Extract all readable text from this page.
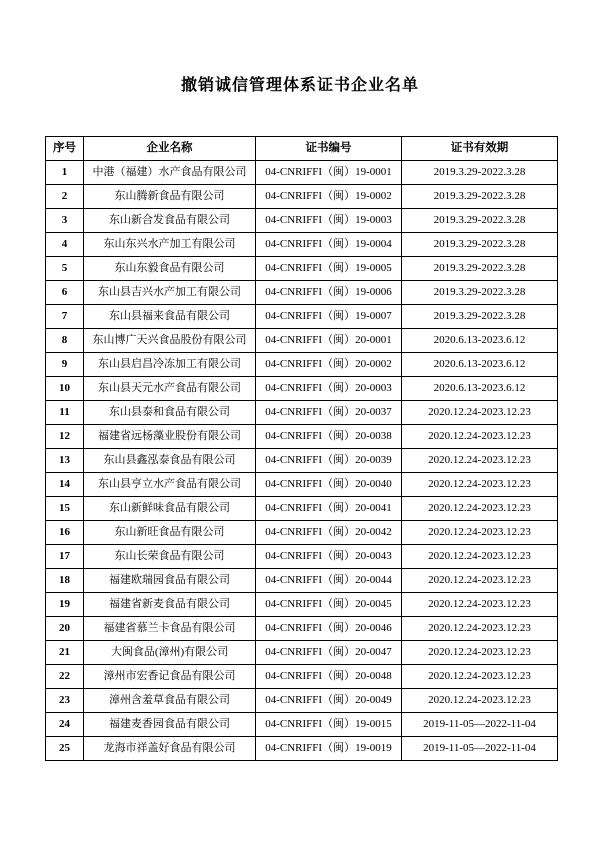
撤销诚信管理体系证书企业名单
序号	企业名称	证书编号	证书有效期
1	中港（福建）水产食品有限公司	04-CNRIFFI（闽）19-0001	2019.3.29-2022.3.28
2	东山腾新食品有限公司	04-CNRIFFI（闽）19-0002	2019.3.29-2022.3.28
3	东山新合发食品有限公司	04-CNRIFFI（闽）19-0003	2019.3.29-2022.3.28
4	东山东兴水产加工有限公司	04-CNRIFFI（闽）19-0004	2019.3.29-2022.3.28
5	东山东毅食品有限公司	04-CNRIFFI（闽）19-0005	2019.3.29-2022.3.28
6	东山县吉兴水产加工有限公司	04-CNRIFFI（闽）19-0006	2019.3.29-2022.3.28
7	东山县福来食品有限公司	04-CNRIFFI（闽）19-0007	2019.3.29-2022.3.28
8	东山博广天兴食品股份有限公司	04-CNRIFFI（闽）20-0001	2020.6.13-2023.6.12
9	东山县启昌冷冻加工有限公司	04-CNRIFFI（闽）20-0002	2020.6.13-2023.6.12
10	东山县天元水产食品有限公司	04-CNRIFFI（闽）20-0003	2020.6.13-2023.6.12
11	东山县泰和食品有限公司	04-CNRIFFI（闽）20-0037	2020.12.24-2023.12.23
12	福建省远杨藻业股份有限公司	04-CNRIFFI（闽）20-0038	2020.12.24-2023.12.23
13	东山县鑫泓泰食品有限公司	04-CNRIFFI（闽）20-0039	2020.12.24-2023.12.23
14	东山县亨立水产食品有限公司	04-CNRIFFI（闽）20-0040	2020.12.24-2023.12.23
15	东山新鲜味食品有限公司	04-CNRIFFI（闽）20-0041	2020.12.24-2023.12.23
16	东山新旺食品有限公司	04-CNRIFFI（闽）20-0042	2020.12.24-2023.12.23
17	东山长荣食品有限公司	04-CNRIFFI（闽）20-0043	2020.12.24-2023.12.23
18	福建欧瑞园食品有限公司	04-CNRIFFI（闽）20-0044	2020.12.24-2023.12.23
19	福建省新麦食品有限公司	04-CNRIFFI（闽）20-0045	2020.12.24-2023.12.23
20	福建省慕兰卡食品有限公司	04-CNRIFFI（闽）20-0046	2020.12.24-2023.12.23
21	大闽食品(漳州)有限公司	04-CNRIFFI（闽）20-0047	2020.12.24-2023.12.23
22	漳州市宏香记食品有限公司	04-CNRIFFI（闽）20-0048	2020.12.24-2023.12.23
23	漳州含羞草食品有限公司	04-CNRIFFI（闽）20-0049	2020.12.24-2023.12.23
24	福建麦香园食品有限公司	04-CNRIFFI（闽）19-0015	2019-11-05—2022-11-04
25	龙海市祥盖好食品有限公司	04-CNRIFFI（闽）19-0019	2019-11-05—2022-11-04
